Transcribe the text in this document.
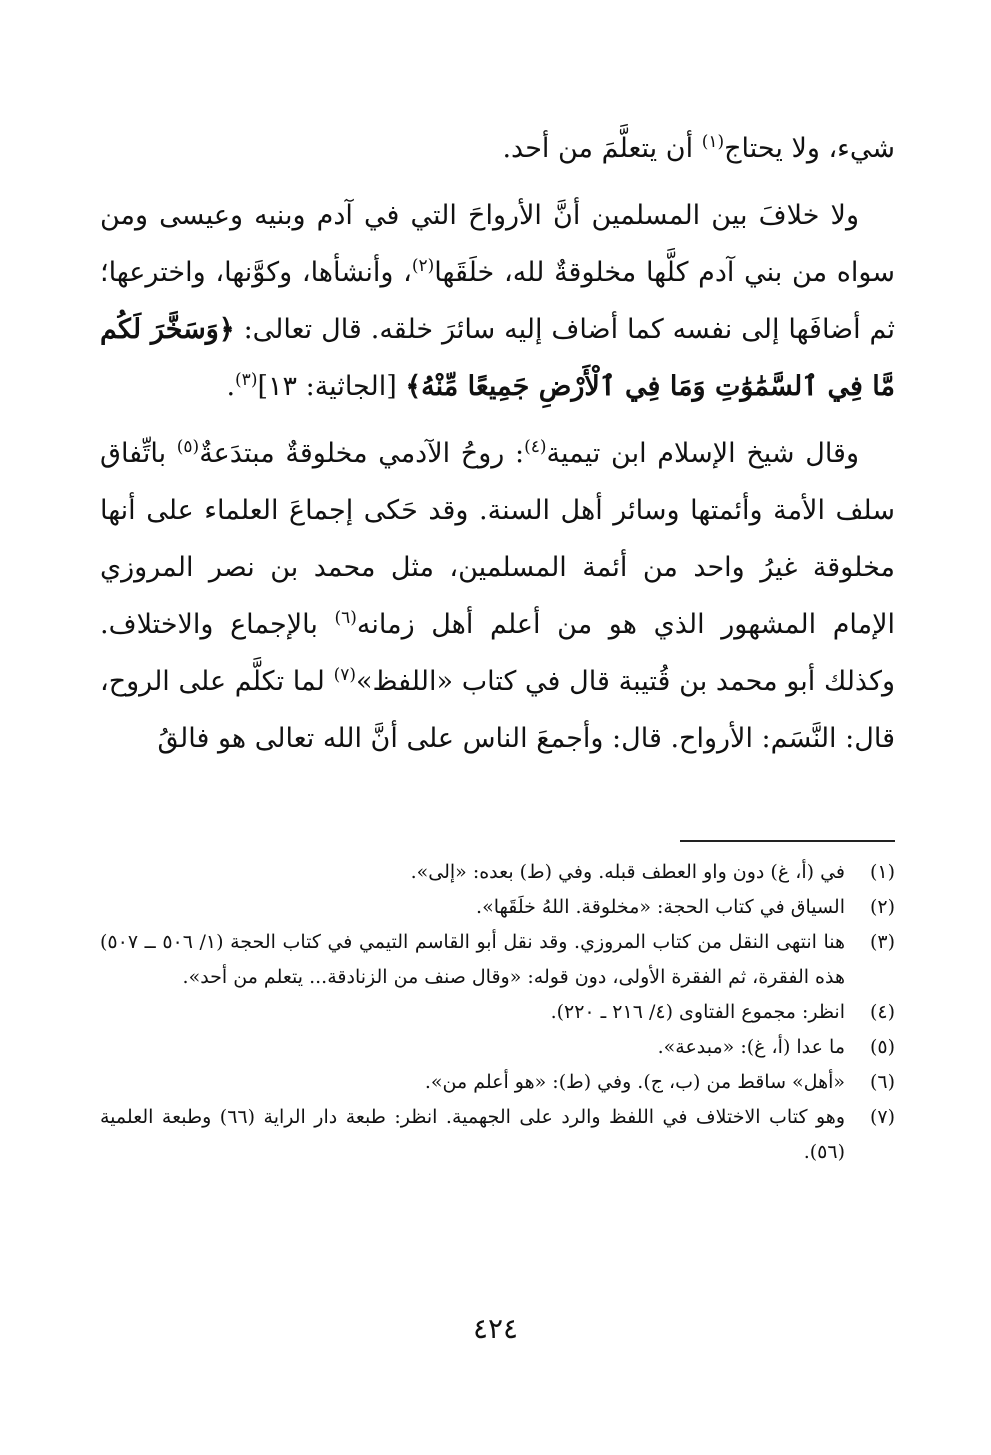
شيء، ولا يحتاج$^{(١)}$ أن يتعلَّمَ من أحد.

ولا خلافَ بين المسلمين أنَّ الأرواحَ التي في آدم وبنيه وعيسى ومن سواه من بني آدم كلَّها مخلوقةٌ لله، خلَقَها$^{(٢)}$، وأنشأها، وكوَّنها، واخترعها؛ ثم أضافَها إلى نفسه كما أضاف إليه سائرَ خلقه. قال تعالى: ﴿وَسَخَّرَ لَكُم مَّا فِي ٱلسَّمَٰوَٰتِ وَمَا فِي ٱلْأَرْضِ جَمِيعًا مِّنْهُ﴾ [الجاثية: ١٣]$^{(٣)}$.

وقال شيخ الإسلام ابن تيمية$^{(٤)}$: روحُ الآدمي مخلوقةٌ مبتدَعةٌ$^{(٥)}$ باتِّفاق سلف الأمة وأئمتها وسائر أهل السنة. وقد حَكى إجماعَ العلماء على أنها مخلوقة غيرُ واحد من أئمة المسلمين، مثل محمد بن نصر المروزي الإمام المشهور الذي هو من أعلم أهل زمانه$^{(٦)}$ بالإجماع والاختلاف. وكذلك أبو محمد بن قُتيبة قال في كتاب «اللفظ»$^{(٧)}$ لما تكلَّم على الروح، قال: النَّسَم: الأرواح. قال: وأجمعَ الناس على أنَّ الله تعالى هو فالقُ

(١)
في (أ، غ) دون واو العطف قبله. وفي (ط) بعده: «إلى».
(٢)
السياق في كتاب الحجة: «مخلوقة. اللهُ خلَقَها».
(٣)
هنا انتهى النقل من كتاب المروزي. وقد نقل أبو القاسم التيمي في كتاب الحجة (١/ ٥٠٦ ــ ٥٠٧) هذه الفقرة، ثم الفقرة الأولى، دون قوله: «وقال صنف من الزنادقة... يتعلم من أحد».
(٤)
انظر: مجموع الفتاوى (٤/ ٢١٦ ـ ٢٢٠).
(٥)
ما عدا (أ، غ): «مبدعة».
(٦)
«أهل» ساقط من (ب، ج). وفي (ط): «هو أعلم من».
(٧)
وهو كتاب الاختلاف في اللفظ والرد على الجهمية. انظر: طبعة دار الراية (٦٦) وطبعة العلمية (٥٦).
٤٢٤
